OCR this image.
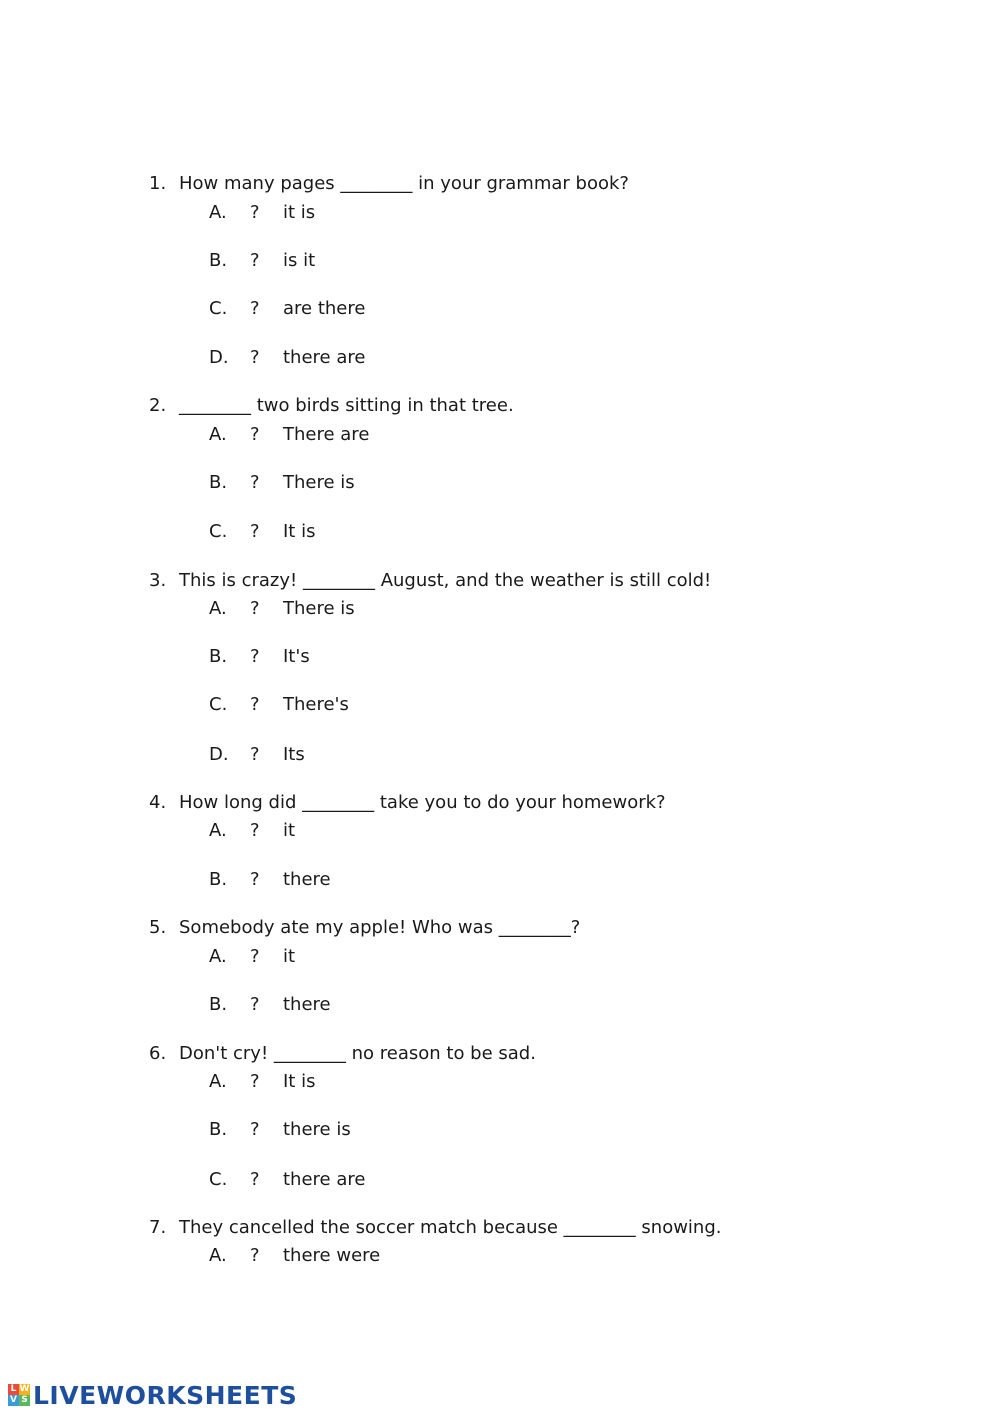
1. How many pages ________ in your grammar book?
A. ? it is
B. ? is it
C. ? are there
D. ? there are
2. ________ two birds sitting in that tree.
A. ? There are
B. ? There is
C. ? It is
3. This is crazy! ________ August, and the weather is still cold!
A. ? There is
B. ? It's
C. ? There's
D. ? Its
4. How long did ________ take you to do your homework?
A. ? it
B. ? there
5. Somebody ate my apple! Who was ________?
A. ? it
B. ? there
6. Don't cry! ________ no reason to be sad.
A. ? It is
B. ? there is
C. ? there are
7. They cancelled the soccer match because ________ snowing.
A. ? there were
L W
V S LIVEWORKSHEETS
